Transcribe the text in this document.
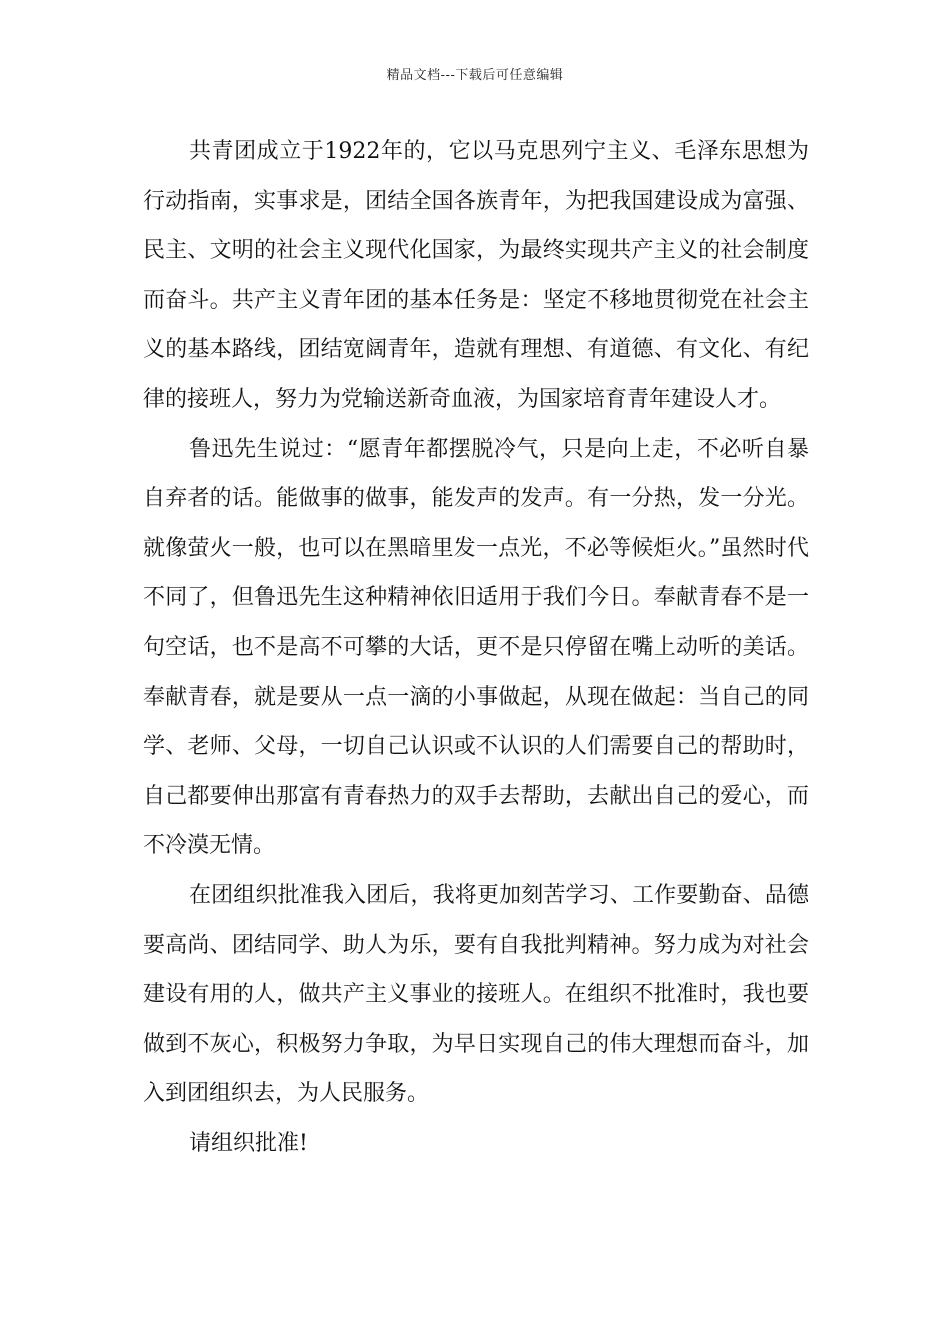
精品文档---下载后可任意编辑

共青团成立于1922年的，它以马克思列宁主义、毛泽东思想为行动指南，实事求是，团结全国各族青年，为把我国建设成为富强、民主、文明的社会主义现代化国家，为最终实现共产主义的社会制度而奋斗。共产主义青年团的基本任务是：坚定不移地贯彻党在社会主义的基本路线，团结宽阔青年，造就有理想、有道德、有文化、有纪律的接班人，努力为党输送新奇血液，为国家培育青年建设人才。

鲁迅先生说过：“愿青年都摆脱冷气，只是向上走，不必听自暴自弃者的话。能做事的做事，能发声的发声。有一分热，发一分光。就像萤火一般，也可以在黑暗里发一点光，不必等候炬火。”虽然时代不同了，但鲁迅先生这种精神依旧适用于我们今日。奉献青春不是一句空话，也不是高不可攀的大话，更不是只停留在嘴上动听的美话。奉献青春，就是要从一点一滴的小事做起，从现在做起：当自己的同学、老师、父母，一切自己认识或不认识的人们需要自己的帮助时，自己都要伸出那富有青春热力的双手去帮助，去献出自己的爱心，而不冷漠无情。

在团组织批准我入团后，我将更加刻苦学习、工作要勤奋、品德要高尚、团结同学、助人为乐，要有自我批判精神。努力成为对社会建设有用的人，做共产主义事业的接班人。在组织不批准时，我也要做到不灰心，积极努力争取，为早日实现自己的伟大理想而奋斗，加入到团组织去，为人民服务。

请组织批准!
